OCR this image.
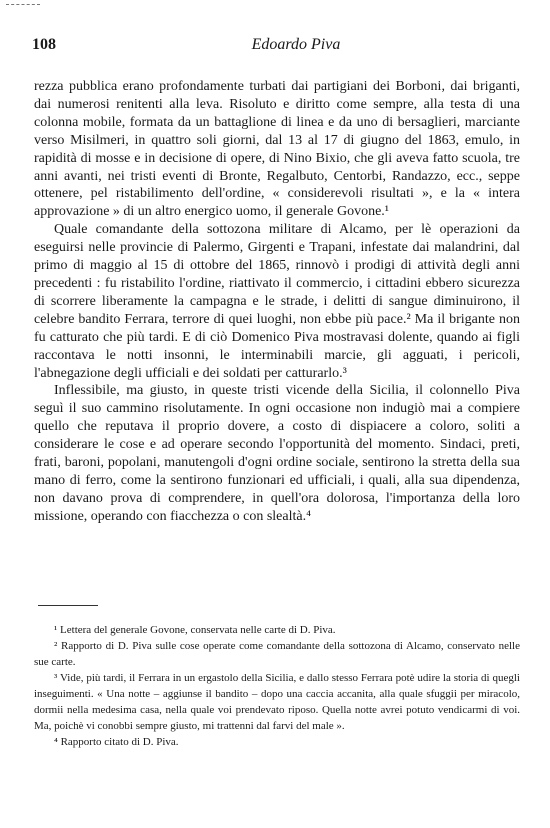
108	Edoardo Piva

rezza pubblica erano profondamente turbati dai partigiani dei Borboni, dai briganti, dai numerosi renitenti alla leva. Risoluto e diritto come sempre, alla testa di una colonna mobile, formata da un battaglione di linea e da uno di bersaglieri, marciante verso Misilmeri, in quattro soli giorni, dal 13 al 17 di giugno del 1863, emulo, in rapidità di mosse e in decisione di opere, di Nino Bixio, che gli aveva fatto scuola, tre anni avanti, nei tristi eventi di Bronte, Regalbuto, Centorbi, Randazzo, ecc., seppe ottenere, pel ristabilimento dell'ordine, « considerevoli risultati », e la « intera approvazione » di un altro energico uomo, il generale Govone.¹

Quale comandante della sottozona militare di Alcamo, per lè operazioni da eseguirsi nelle provincie di Palermo, Girgenti e Trapani, infestate dai malandrini, dal primo di maggio al 15 di ottobre del 1865, rinnovò i prodigi di attività degli anni precedenti : fu ristabilito l'ordine, riattivato il commercio, i cittadini ebbero sicurezza di scorrere liberamente la campagna e le strade, i delitti di sangue diminuirono, il celebre bandito Ferrara, terrore di quei luoghi, non ebbe più pace.² Ma il brigante non fu catturato che più tardi. E di ciò Domenico Piva mostravasi dolente, quando ai figli raccontava le notti insonni, le interminabili marcie, gli agguati, i pericoli, l'abnegazione degli ufficiali e dei soldati per catturarlo.³

Inflessibile, ma giusto, in queste tristi vicende della Sicilia, il colonnello Piva seguì il suo cammino risolutamente. In ogni occasione non indugiò mai a compiere quello che reputava il proprio dovere, a costo di dispiacere a coloro, soliti a considerare le cose e ad operare secondo l'opportunità del momento. Sindaci, preti, frati, baroni, popolani, manutengoli d'ogni ordine sociale, sentirono la stretta della sua mano di ferro, come la sentirono funzionari ed ufficiali, i quali, alla sua dipendenza, non davano prova di comprendere, in quell'ora dolorosa, l'importanza della loro missione, operando con fiacchezza o con slealtà.⁴

¹ Lettera del generale Govone, conservata nelle carte di D. Piva.

² Rapporto di D. Piva sulle cose operate come comandante della sottozona di Alcamo, conservato nelle sue carte.

³ Vide, più tardi, il Ferrara in un ergastolo della Sicilia, e dallo stesso Ferrara potè udire la storia di quegli inseguimenti. « Una notte – aggiunse il bandito – dopo una caccia accanita, alla quale sfuggii per miracolo, dormii nella medesima casa, nella quale voi prendevato riposo. Quella notte avrei potuto vendicarmi di voi. Ma, poichè vi conobbi sempre giusto, mi trattenni dal farvi del male ».

⁴ Rapporto citato di D. Piva.
